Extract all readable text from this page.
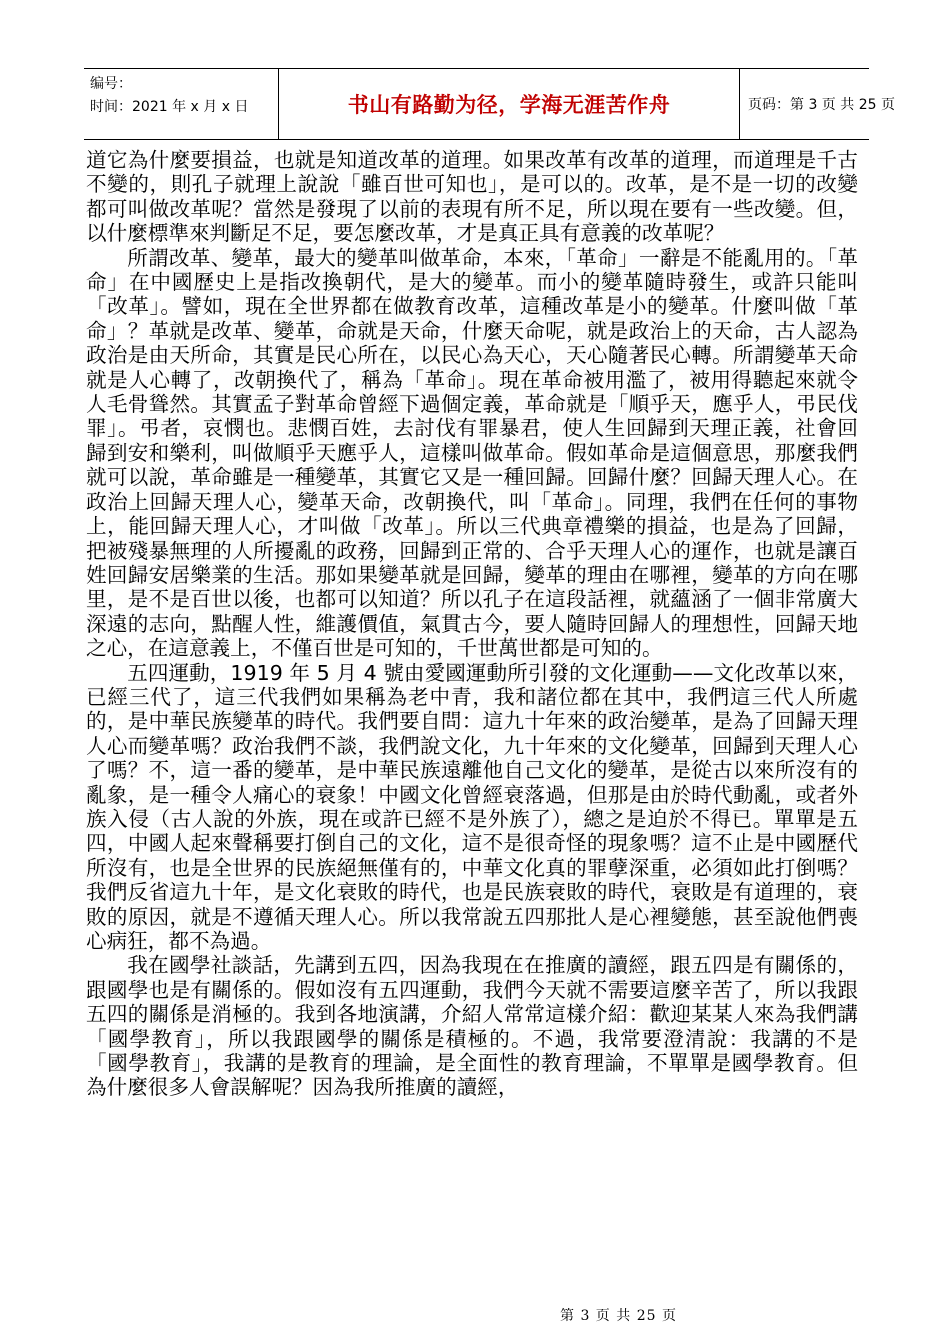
编号：
时间：2021 年 x 月 x 日	书山有路勤为径，学海无涯苦作舟	页码：第 3 页 共 25 页

道它為什麼要損益，也就是知道改革的道理。如果改革有改革的道理，而道理是千古不變的，則孔子就理上說說「雖百世可知也」，是可以的。改革，是不是一切的改變都可叫做改革呢？當然是發現了以前的表現有所不足，所以現在要有一些改變。但，以什麼標準來判斷足不足，要怎麼改革，才是真正具有意義的改革呢？

所謂改革、變革，最大的變革叫做革命，本來，「革命」一辭是不能亂用的。「革命」在中國歷史上是指改換朝代，是大的變革。而小的變革隨時發生，或許只能叫「改革」。譬如，現在全世界都在做教育改革，這種改革是小的變革。什麼叫做「革命」？革就是改革、變革，命就是天命，什麼天命呢，就是政治上的天命，古人認為政治是由天所命，其實是民心所在，以民心為天心，天心隨著民心轉。所謂變革天命就是人心轉了，改朝換代了，稱為「革命」。現在革命被用濫了，被用得聽起來就令人毛骨聳然。其實孟子對革命曾經下過個定義，革命就是「順乎天，應乎人，弔民伐罪」。弔者，哀憫也。悲憫百姓，去討伐有罪暴君，使人生回歸到天理正義，社會回歸到安和樂利，叫做順乎天應乎人，這樣叫做革命。假如革命是這個意思，那麼我們就可以說，革命雖是一種變革，其實它又是一種回歸。回歸什麼？回歸天理人心。在政治上回歸天理人心，變革天命，改朝換代，叫「革命」。同理，我們在任何的事物上，能回歸天理人心，才叫做「改革」。所以三代典章禮樂的損益，也是為了回歸，把被殘暴無理的人所擾亂的政務，回歸到正常的、合乎天理人心的運作，也就是讓百姓回歸安居樂業的生活。那如果變革就是回歸，變革的理由在哪裡，變革的方向在哪里，是不是百世以後，也都可以知道？所以孔子在這段話裡，就蘊涵了一個非常廣大深遠的志向，點醒人性，維護價值，氣貫古今，要人隨時回歸人的理想性，回歸天地之心，在這意義上，不僅百世是可知的，千世萬世都是可知的。

五四運動，1919 年 5 月 4 號由愛國運動所引發的文化運動——文化改革以來，已經三代了，這三代我們如果稱為老中青，我和諸位都在其中，我們這三代人所處的，是中華民族變革的時代。我們要自問：這九十年來的政治變革，是為了回歸天理人心而變革嗎？政治我們不談，我們說文化，九十年來的文化變革，回歸到天理人心了嗎？不，這一番的變革，是中華民族遠離他自己文化的變革，是從古以來所沒有的亂象，是一種令人痛心的衰象！中國文化曾經衰落過，但那是由於時代動亂，或者外族入侵（古人說的外族，現在或許已經不是外族了），總之是迫於不得已。單單是五四，中國人起來聲稱要打倒自己的文化，這不是很奇怪的現象嗎？這不止是中國歷代所沒有，也是全世界的民族絕無僅有的，中華文化真的罪孽深重，必須如此打倒嗎？我們反省這九十年，是文化衰敗的時代，也是民族衰敗的時代，衰敗是有道理的，衰敗的原因，就是不遵循天理人心。所以我常說五四那批人是心裡變態，甚至說他們喪心病狂，都不為過。

我在國學社談話，先講到五四，因為我現在在推廣的讀經，跟五四是有關係的，跟國學也是有關係的。假如沒有五四運動，我們今天就不需要這麼辛苦了，所以我跟五四的關係是消極的。我到各地演講，介紹人常常這樣介紹：歡迎某某人來為我們講「國學教育」，所以我跟國學的關係是積極的。不過，我常要澄清說：我講的不是「國學教育」，我講的是教育的理論，是全面性的教育理論，不單單是國學教育。但為什麼很多人會誤解呢？因為我所推廣的讀經，

第 3 页 共 25 页
